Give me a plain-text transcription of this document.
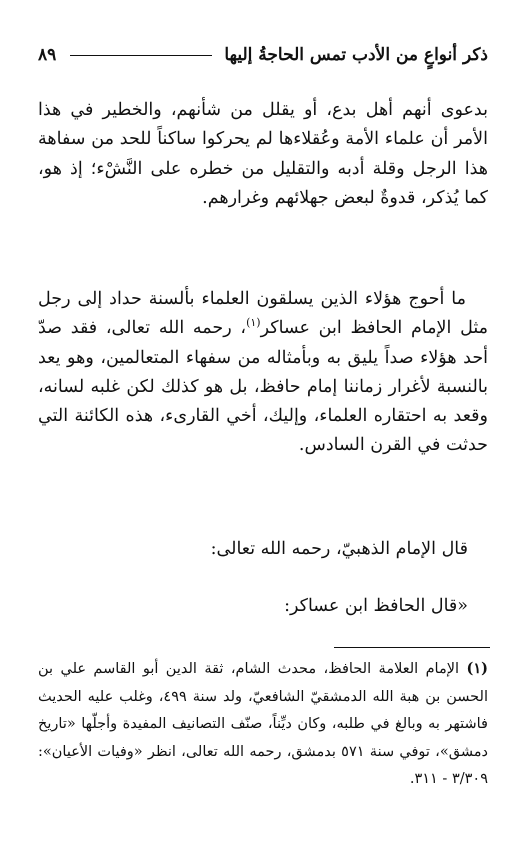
ذكر أنواعٍ من الأدب تمس الحاجةُ إليها
٨٩

بدعوى أنهم أهل بدع، أو يقلل من شأنهم، والخطير في هذا الأمر أن علماء الأمة وعُقلاءها لم يحركوا ساكناً للحد من سفاهة هذا الرجل وقلة أدبه والتقليل من خطره على النَّشْء؛ إذ هو، كما يُذكر، قدوةٌ لبعض جهلائهم وغرارهم.

ما أحوج هؤلاء الذين يسلقون العلماء بألسنة حداد إلى رجل مثل الإمام الحافظ ابن عساكر$^{(١)}$، رحمه الله تعالى، فقد صدّ أحد هؤلاء صداً يليق به وبأمثاله من سفهاء المتعالمين، وهو يعد بالنسبة لأغرار زماننا إمام حافظ، بل هو كذلك لكن غلبه لسانه، وقعد به احتقاره العلماء، وإليك، أخي القارىء، هذه الكائنة التي حدثت في القرن السادس.

قال الإمام الذهبيّ، رحمه الله تعالى:

«قال الحافظ ابن عساكر:

(١) الإمام العلامة الحافظ، محدث الشام، ثقة الدين أبو القاسم علي بن الحسن بن هبة الله الدمشقيّ الشافعيّ، ولد سنة ٤٩٩، وغلب عليه الحديث فاشتهر به وبالغ في طلبه، وكان ديِّناً، صنّف التصانيف المفيدة وأجلّها «تاريخ دمشق»، توفي سنة ٥٧١ بدمشق، رحمه الله تعالى، انظر «وفيات الأعيان»: ٣/٣٠٩ - ٣١١.
